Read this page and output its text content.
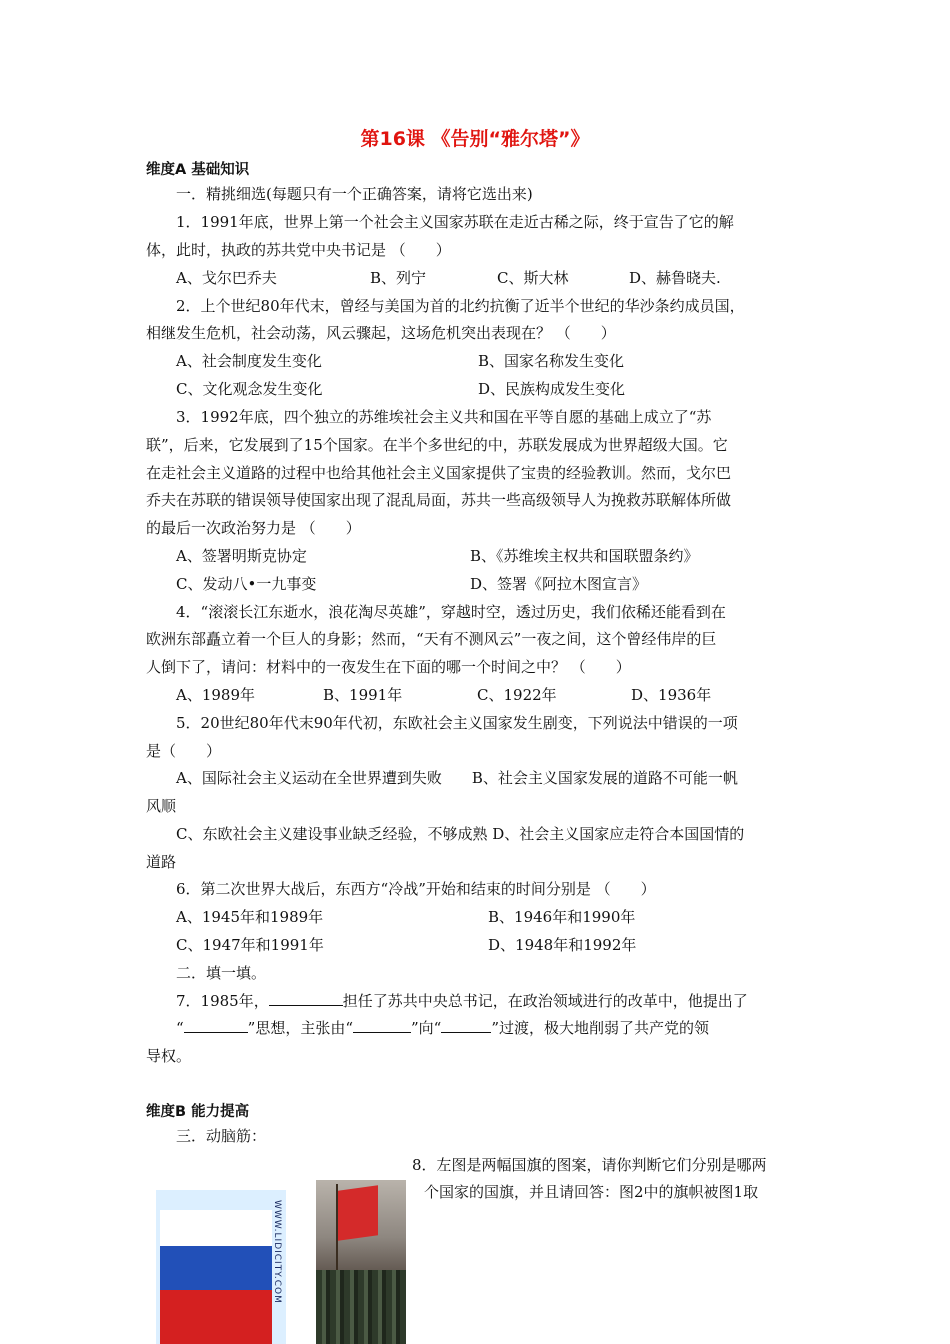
第16课 《告别“雅尔塔”》
维度A 基础知识
一．精挑细选(每题只有一个正确答案，请将它选出来)
1．1991年底，世界上第一个社会主义国家苏联在走近古稀之际，终于宣告了它的解
体，此时，执政的苏共党中央书记是 （　　）
A、戈尔巴乔夫	B、列宁	C、斯大林	D、赫鲁晓夫.
2．上个世纪80年代末，曾经与美国为首的北约抗衡了近半个世纪的华沙条约成员国，
相继发生危机，社会动荡，风云骤起，这场危机突出表现在？ （　　）
A、社会制度发生变化	B、国家名称发生变化
C、文化观念发生变化	D、民族构成发生变化
3．1992年底，四个独立的苏维埃社会主义共和国在平等自愿的基础上成立了“苏
联”，后来，它发展到了15个国家。在半个多世纪的中，苏联发展成为世界超级大国。它
在走社会主义道路的过程中也给其他社会主义国家提供了宝贵的经验教训。然而，戈尔巴
乔夫在苏联的错误领导使国家出现了混乱局面，苏共一些高级领导人为挽救苏联解体所做
的最后一次政治努力是 （　　）
A、签署明斯克协定	B、《苏维埃主权共和国联盟条约》
C、发动八•一九事变	D、签署《阿拉木图宣言》
4．“滚滚长江东逝水，浪花淘尽英雄”，穿越时空，透过历史，我们依稀还能看到在
欧洲东部矗立着一个巨人的身影；然而，“天有不测风云”一夜之间，这个曾经伟岸的巨
人倒下了，请问：材料中的一夜发生在下面的哪一个时间之中？ （　　）
A、1989年	B、1991年	C、1922年	D、1936年
5．20世纪80年代末90年代初，东欧社会主义国家发生剧变，下列说法中错误的一项
是（　　）
A、国际社会主义运动在全世界遭到失败　　B、社会主义国家发展的道路不可能一帆
风顺
C、东欧社会主义建设事业缺乏经验，不够成熟 D、社会主义国家应走符合本国国情的
道路
6．第二次世界大战后，东西方“冷战”开始和结束的时间分别是 （　　）
A、1945年和1989年	B、1946年和1990年
C、1947年和1991年	D、1948年和1992年
二．填一填。
7．1985年，	担任了苏共中央总书记，在政治领域进行的改革中，他提出了
“	”思想，主张由“	”向“	”过渡，极大地削弱了共产党的领
导权。
维度B 能力提高
三．动脑筋：
8．左图是两幅国旗的图案，请你判断它们分别是哪两
个国家的国旗，并且请回答：图2中的旗帜被图1取
WWW.LIDICITY.COM
